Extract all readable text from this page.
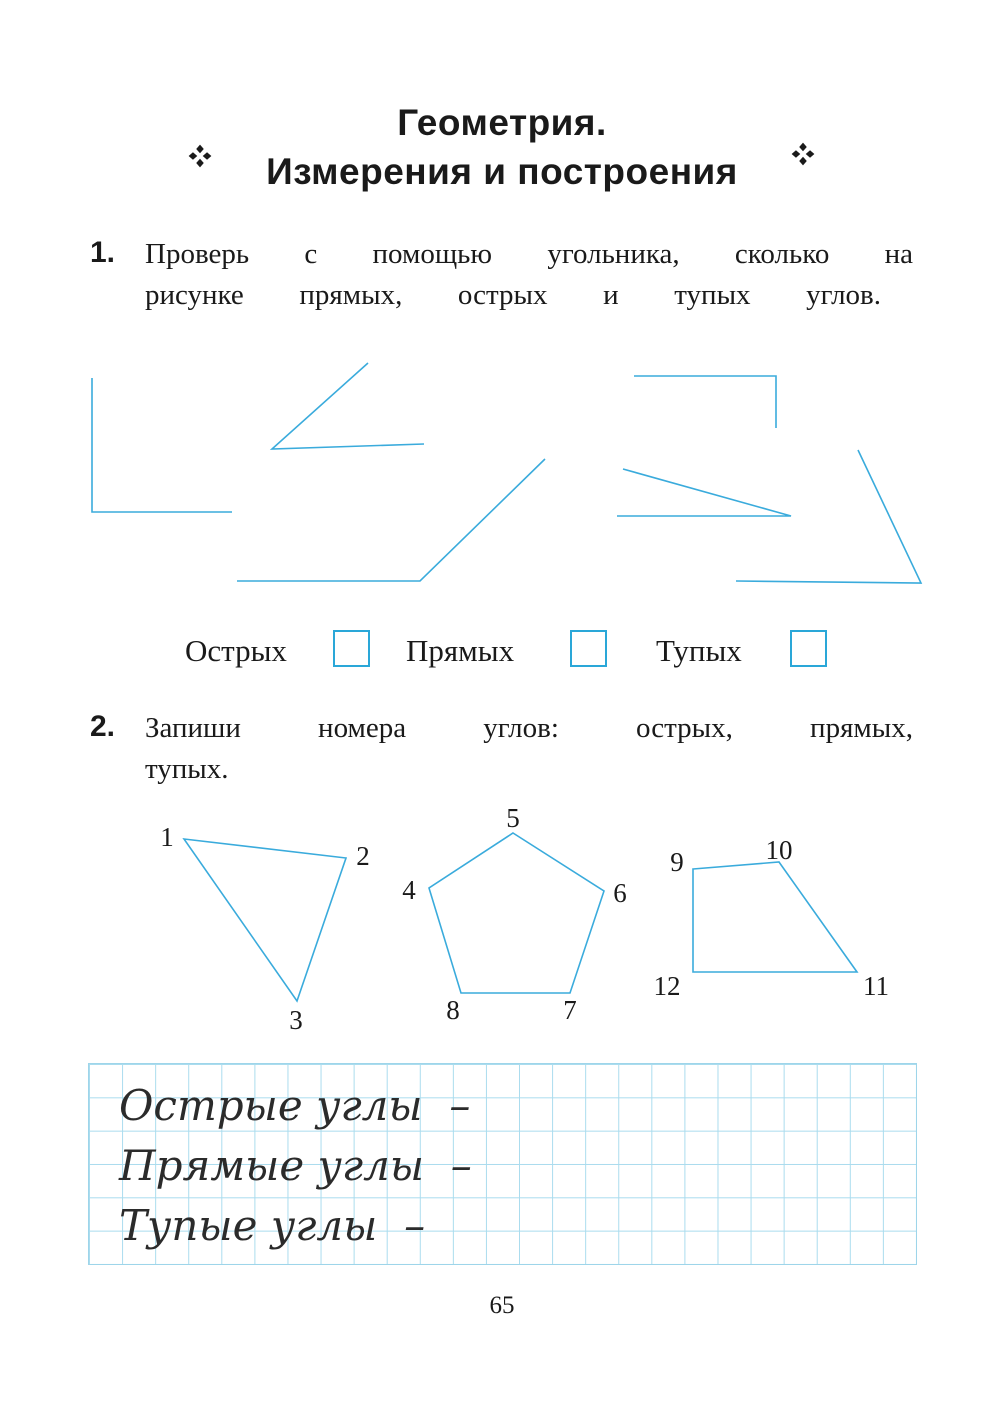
Геометрия.
Измерения и построения
1. Проверь с помощью угольника, сколько на
рисунке прямых, острых и тупых углов.
Острых	Прямых	Тупых
2. Запиши номера углов: острых, прямых,
тупых.
1
2
3
4
5
6
7
8
9	10
11
12
Острые углы  –
Прямые углы  –
Тупые углы  –
65
